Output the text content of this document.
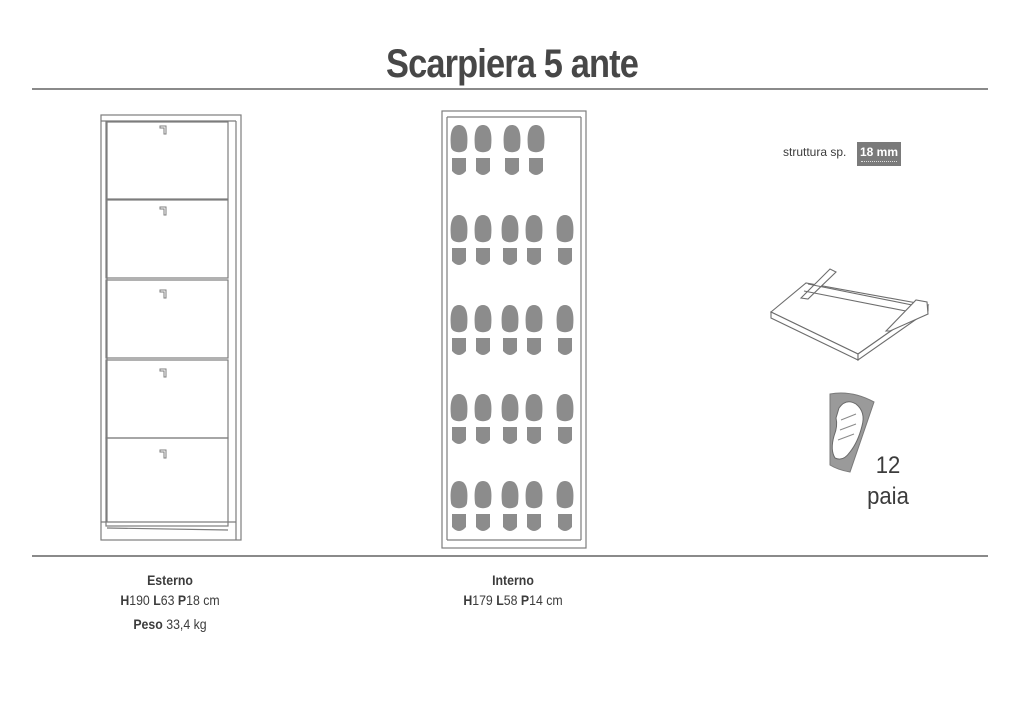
Scarpiera 5 ante
struttura sp. 18 mm
12
paia
Esterno
H190 L63 P18 cm
Peso 33,4 kg
Interno
H179 L58 P14 cm
